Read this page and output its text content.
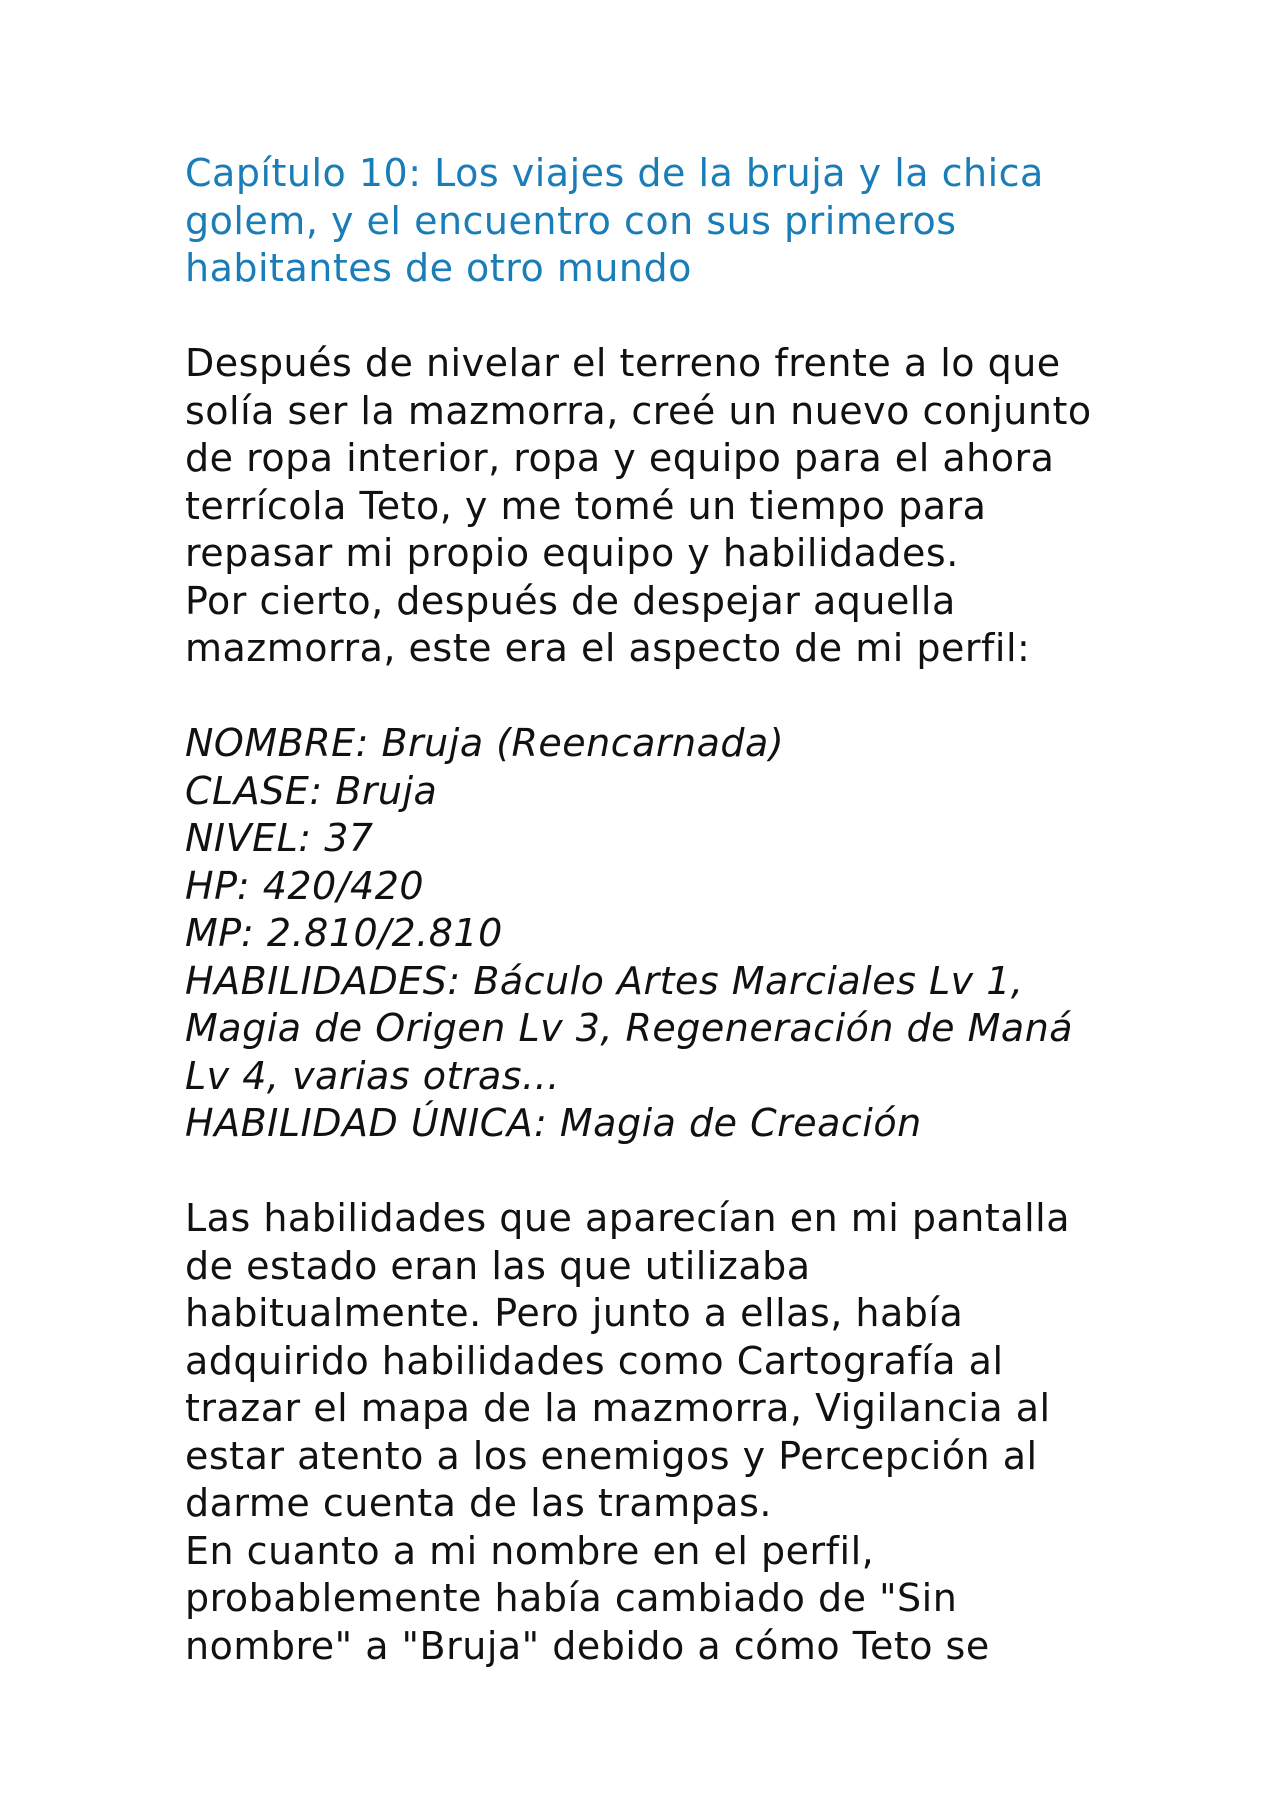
Capítulo 10: Los viajes de la bruja y la chica
golem, y el encuentro con sus primeros
habitantes de otro mundo
Después de nivelar el terreno frente a lo que
solía ser la mazmorra, creé un nuevo conjunto
de ropa interior, ropa y equipo para el ahora
terrícola Teto, y me tomé un tiempo para
repasar mi propio equipo y habilidades.
Por cierto, después de despejar aquella
mazmorra, este era el aspecto de mi perfil:
NOMBRE: Bruja (Reencarnada)
CLASE: Bruja
NIVEL: 37
HP: 420/420
MP: 2.810/2.810
HABILIDADES: Báculo Artes Marciales Lv 1,
Magia de Origen Lv 3, Regeneración de Maná
Lv 4, varias otras...
HABILIDAD ÚNICA: Magia de Creación
Las habilidades que aparecían en mi pantalla
de estado eran las que utilizaba
habitualmente. Pero junto a ellas, había
adquirido habilidades como Cartografía al
trazar el mapa de la mazmorra, Vigilancia al
estar atento a los enemigos y Percepción al
darme cuenta de las trampas.
En cuanto a mi nombre en el perfil,
probablemente había cambiado de "Sin
nombre" a "Bruja" debido a cómo Teto se
